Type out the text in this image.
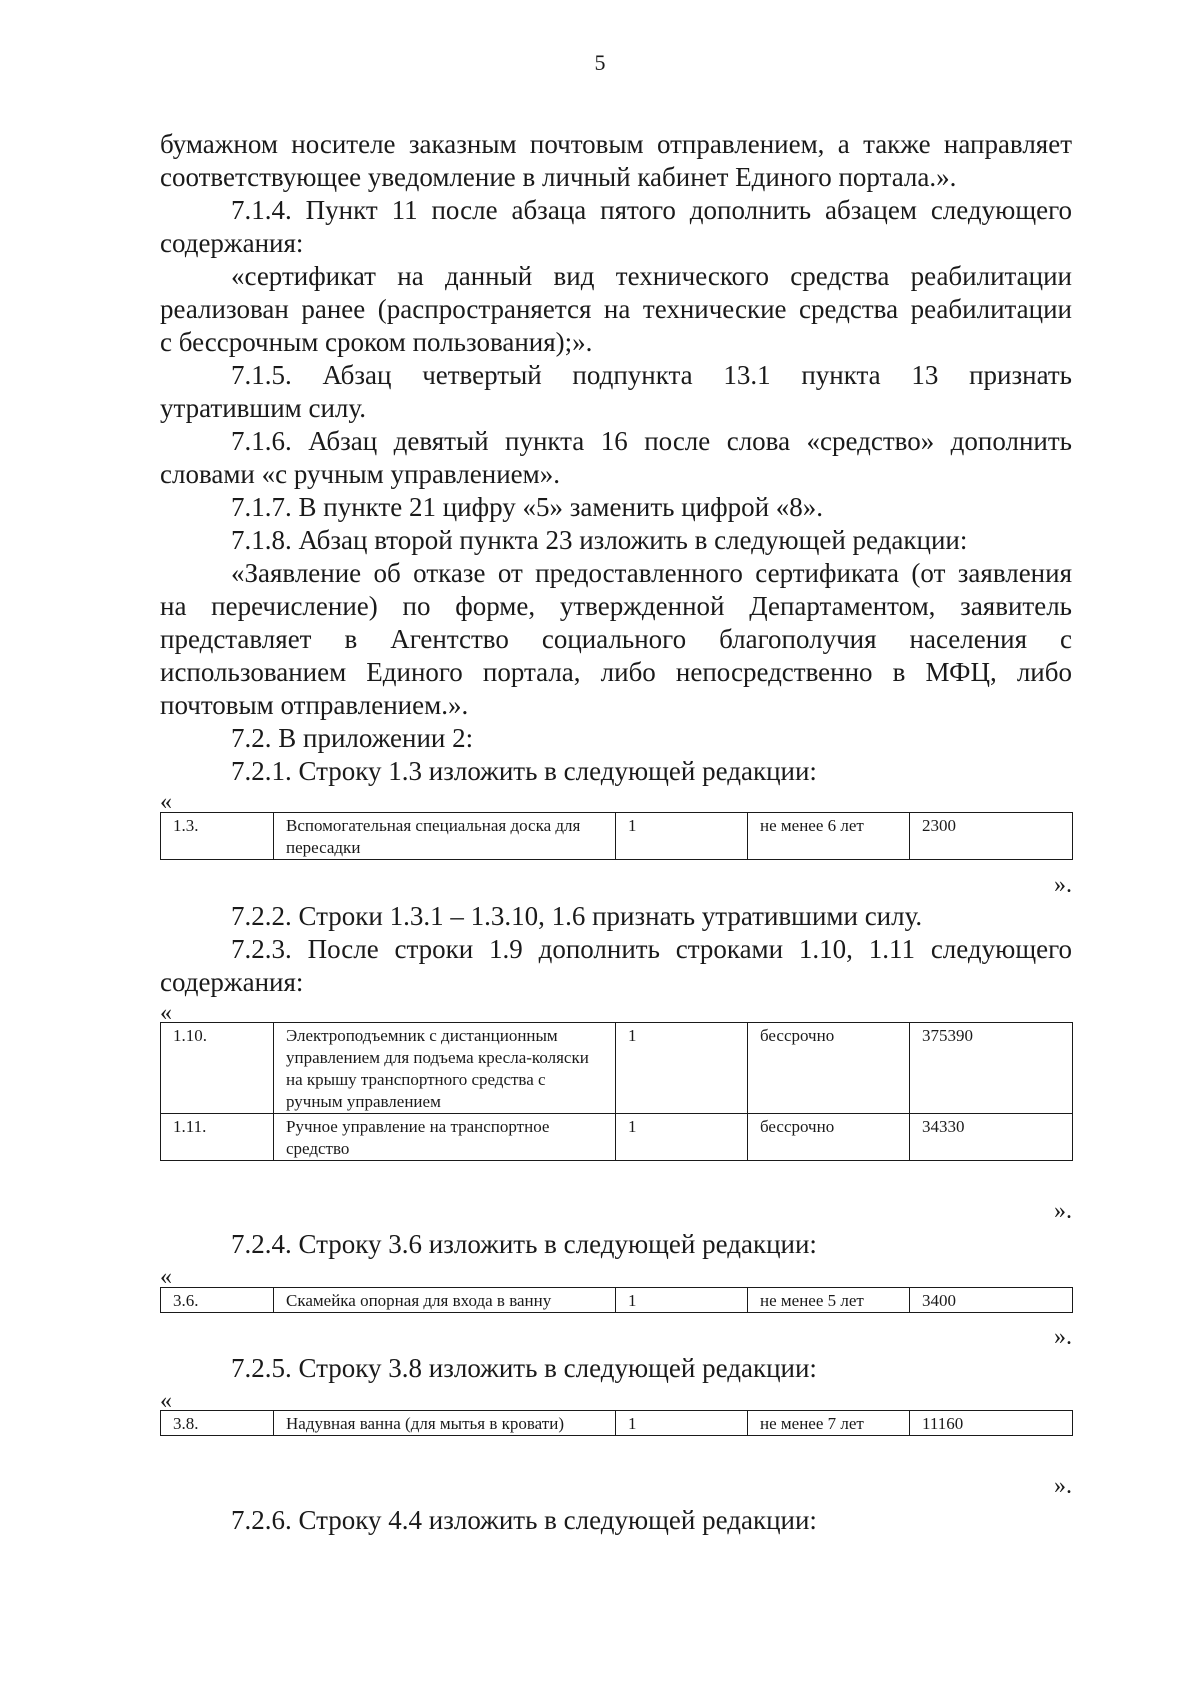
5

бумажном носителе заказным почтовым отправлением, а также направляет

соответствующее уведомление в личный кабинет Единого портала.».

7.1.4. Пункт 11 после абзаца пятого дополнить абзацем следующего

содержания:

«сертификат на данный вид технического средства реабилитации

реализован ранее (распространяется на технические средства реабилитации

с бессрочным сроком пользования);».

7.1.5. Абзац четвертый подпункта 13.1 пункта 13 признать

утратившим силу.

7.1.6. Абзац девятый пункта 16 после слова «средство» дополнить

словами «с ручным управлением».

7.1.7. В пункте 21 цифру «5» заменить цифрой «8».

7.1.8. Абзац второй пункта 23 изложить в следующей редакции:

«Заявление об отказе от предоставленного сертификата (от заявления

на перечисление) по форме, утвержденной Департаментом, заявитель

представляет в Агентство социального благополучия населения с

использованием Единого портала, либо непосредственно в МФЦ, либо

почтовым отправлением.».

7.2. В приложении 2:

7.2.1. Строку 1.3 изложить в следующей редакции:

«
1.3.	Вспомогательная специальная доска для пересадки	1	не менее 6 лет	2300
».

7.2.2. Строки 1.3.1 – 1.3.10, 1.6 признать утратившими силу.

7.2.3. После строки 1.9 дополнить строками 1.10, 1.11 следующего

содержания:

«
1.10.	Электроподъемник с дистанционным управлением для подъема кресла-коляски на крышу транспортного средства с ручным управлением	1	бессрочно	375390
1.11.	Ручное управление на транспортное средство	1	бессрочно	34330
».

7.2.4. Строку 3.6 изложить в следующей редакции:

«
3.6.	Скамейка опорная для входа в ванну	1	не менее 5 лет	3400
».

7.2.5. Строку 3.8 изложить в следующей редакции:

«
3.8.	Надувная ванна (для мытья в кровати)	1	не менее 7 лет	11160
».

7.2.6. Строку 4.4 изложить в следующей редакции:
